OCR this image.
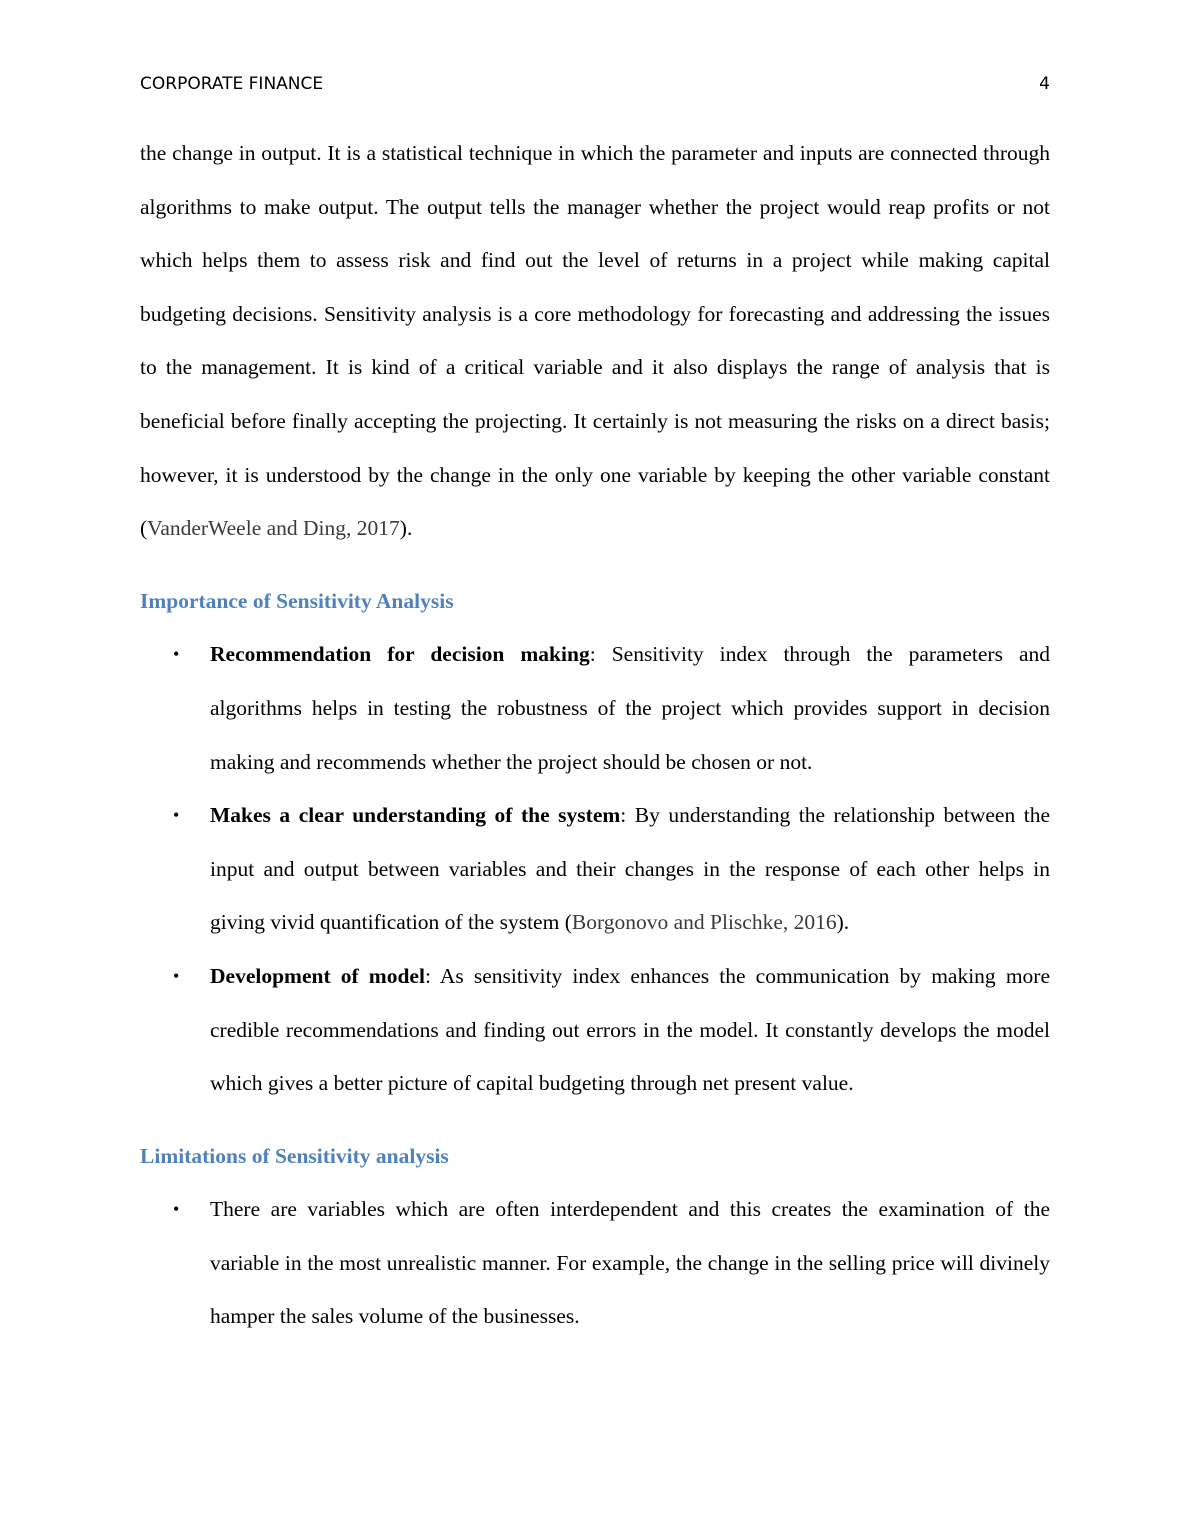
CORPORATE FINANCE	4

the change in output. It is a statistical technique in which the parameter and inputs are connected through algorithms to make output. The output tells the manager whether the project would reap profits or not which helps them to assess risk and find out the level of returns in a project while making capital budgeting decisions. Sensitivity analysis is a core methodology for forecasting and addressing the issues to the management. It is kind of a critical variable and it also displays the range of analysis that is beneficial before finally accepting the projecting. It certainly is not measuring the risks on a direct basis; however, it is understood by the change in the only one variable by keeping the other variable constant (VanderWeele and Ding, 2017).

Importance of Sensitivity Analysis
• Recommendation for decision making: Sensitivity index through the parameters and algorithms helps in testing the robustness of the project which provides support in decision making and recommends whether the project should be chosen or not.
• Makes a clear understanding of the system: By understanding the relationship between the input and output between variables and their changes in the response of each other helps in giving vivid quantification of the system (Borgonovo and Plischke, 2016).
• Development of model: As sensitivity index enhances the communication by making more credible recommendations and finding out errors in the model. It constantly develops the model which gives a better picture of capital budgeting through net present value.
Limitations of Sensitivity analysis
• There are variables which are often interdependent and this creates the examination of the variable in the most unrealistic manner. For example, the change in the selling price will divinely hamper the sales volume of the businesses.
